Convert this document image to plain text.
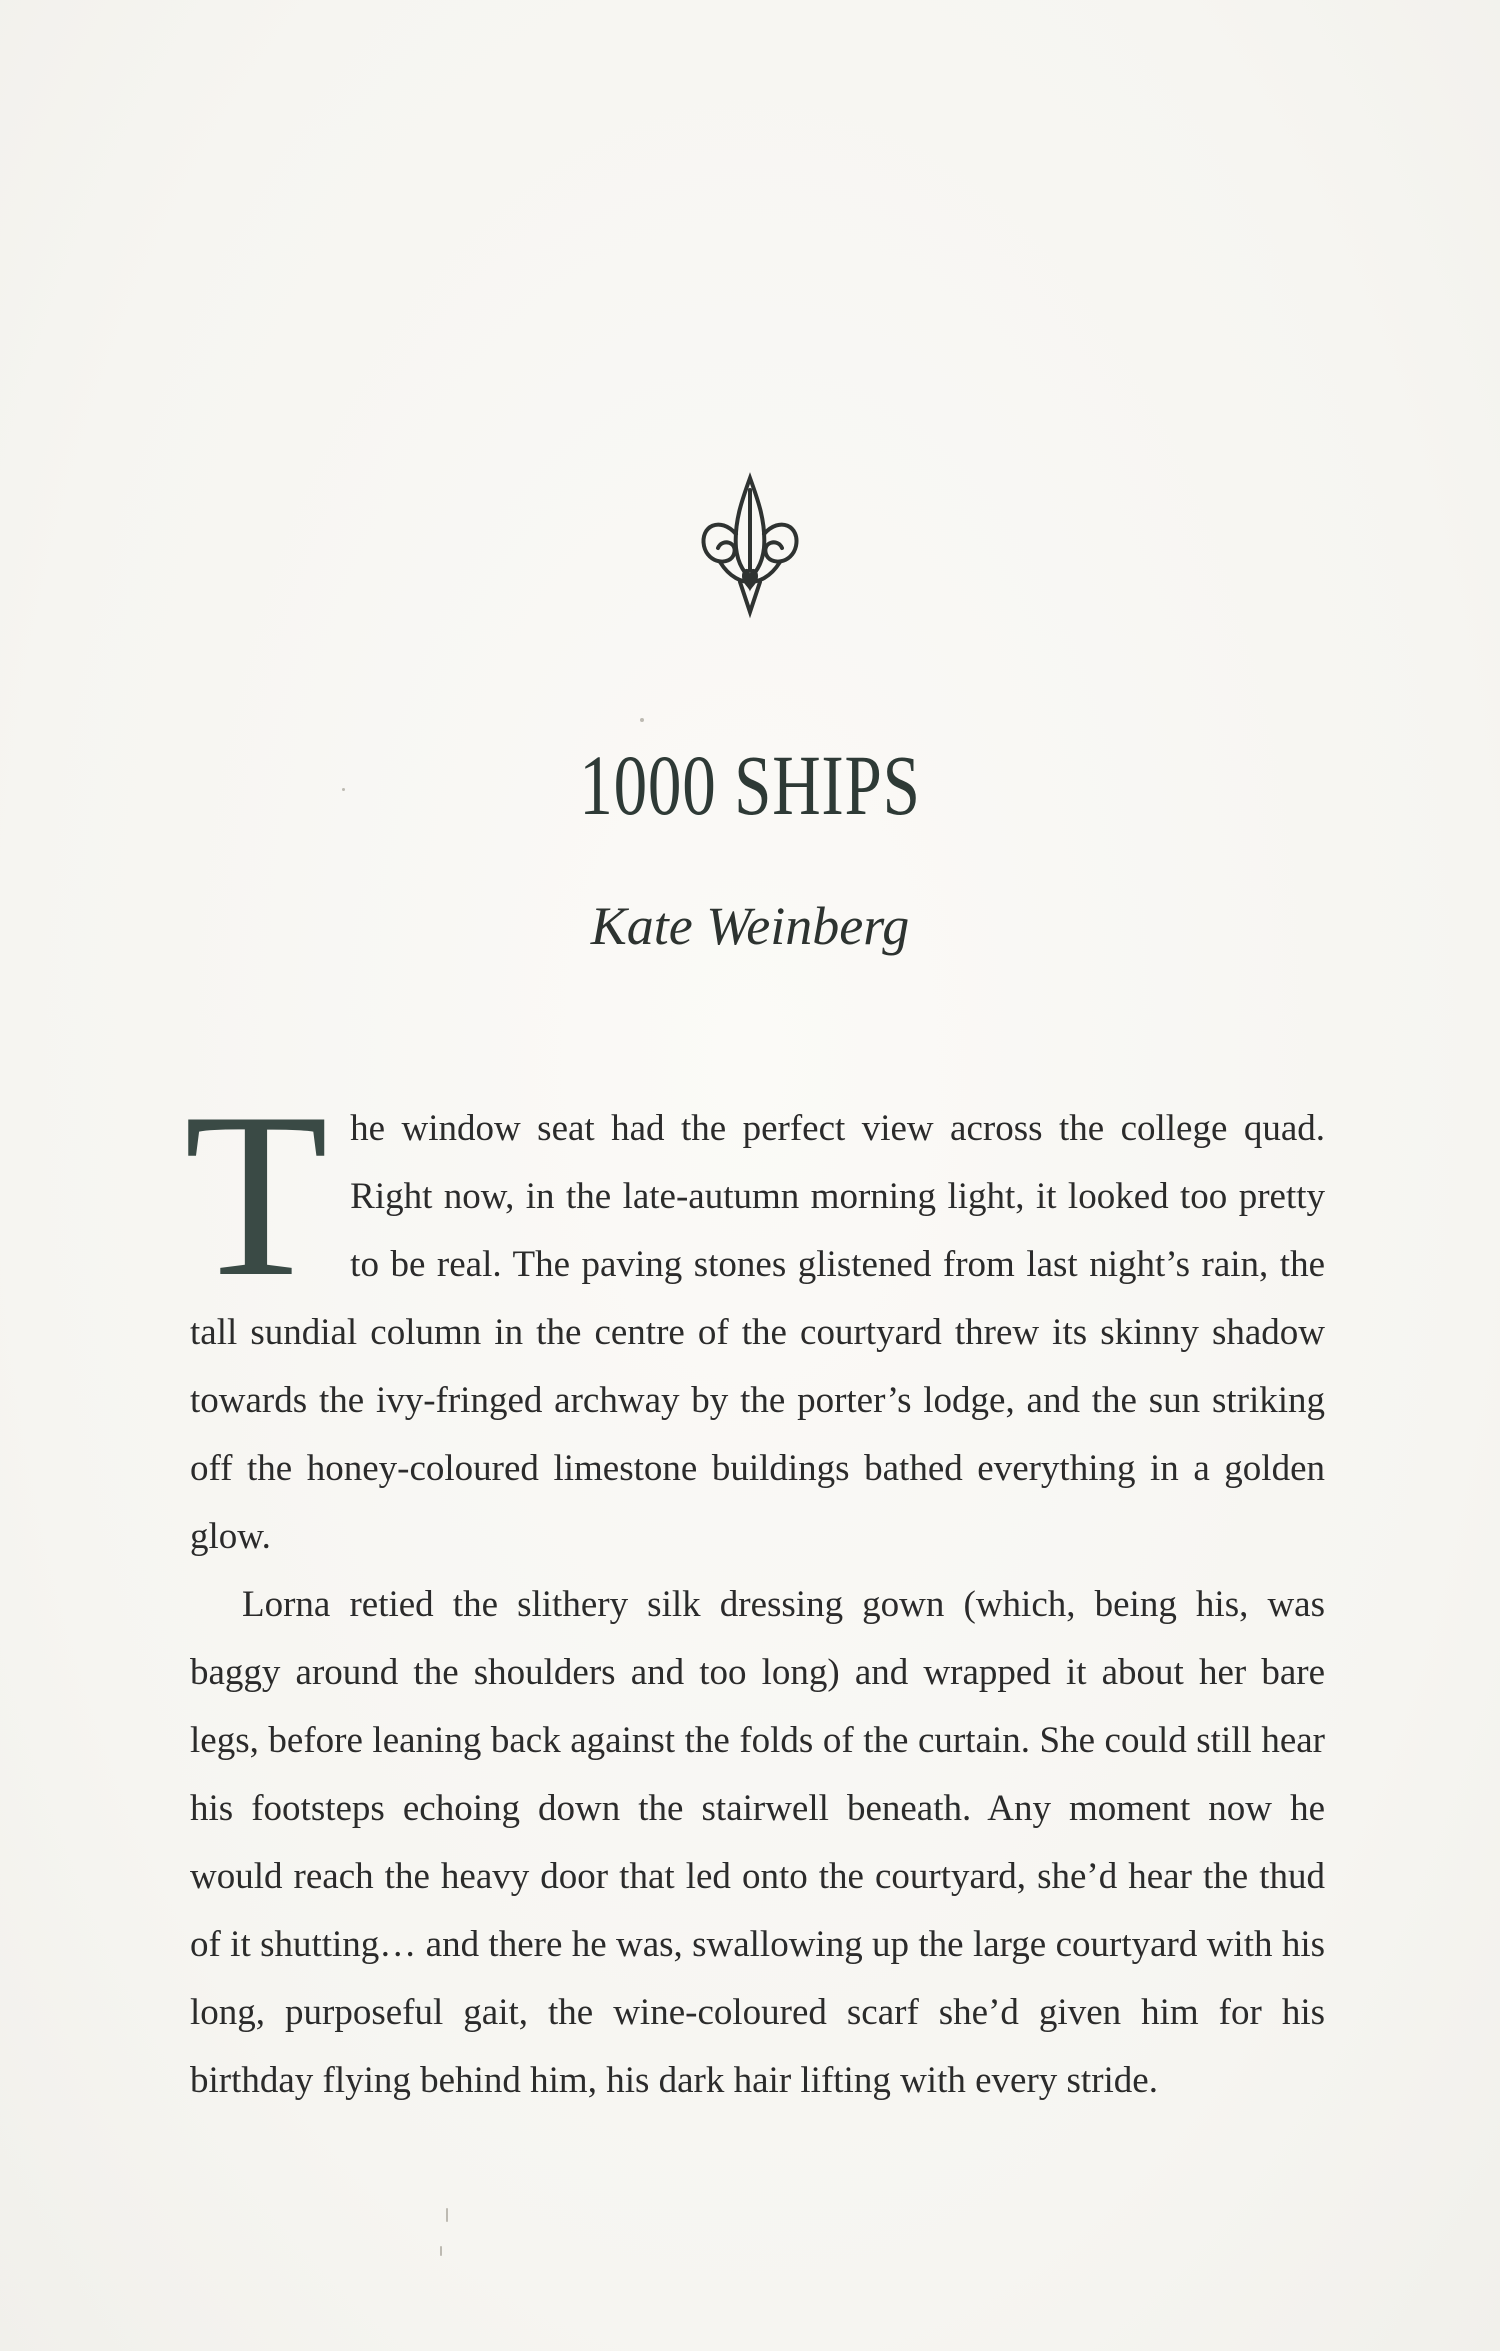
1000 SHIPS
Kate Weinberg

The window seat had the perfect view across the college quad. Right now, in the late-autumn morning light, it looked too pretty to be real. The paving stones glistened from last night’s rain, the tall sundial column in the centre of the courtyard threw its skinny shadow towards the ivy-fringed archway by the porter’s lodge, and the sun striking off the honey-coloured limestone buildings bathed everything in a golden glow.

Lorna retied the slithery silk dressing gown (which, being his, was baggy around the shoulders and too long) and wrapped it about her bare legs, before leaning back against the folds of the curtain. She could still hear his footsteps echoing down the stairwell beneath. Any moment now he would reach the heavy door that led onto the courtyard, she’d hear the thud of it shutting… and there he was, swallowing up the large courtyard with his long, purposeful gait, the wine-coloured scarf she’d given him for his birthday flying behind him, his dark hair lifting with every stride.
